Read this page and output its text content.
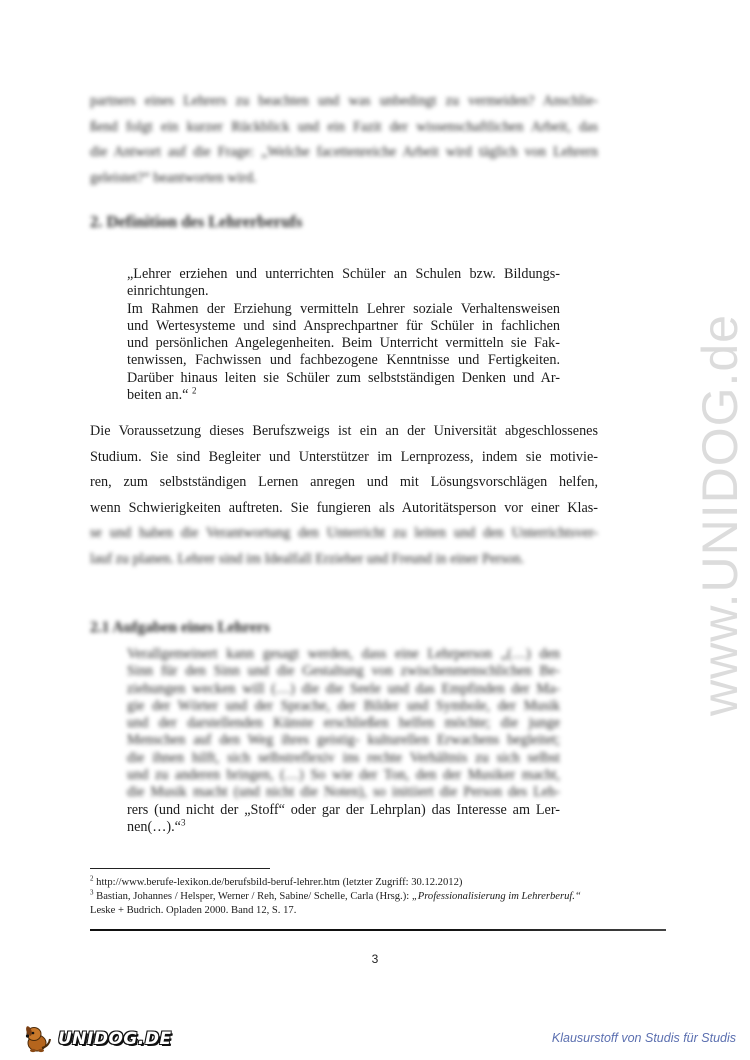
partners eines Lehrers zu beachten und was unbedingt zu vermeiden? Anschlie-
ßend folgt ein kurzer Rückblick und ein Fazit der wissenschaftlichen Arbeit, das
die Antwort auf die Frage: „Welche facettenreiche Arbeit wird täglich von Lehrern
geleistet?“ beantworten wird.
2. Definition des Lehrerberufs
„Lehrer erziehen und unterrichten Schüler an Schulen bzw. Bildungs-
einrichtungen.
Im Rahmen der Erziehung vermitteln Lehrer soziale Verhaltensweisen
und Wertesysteme und sind Ansprechpartner für Schüler in fachlichen
und persönlichen Angelegenheiten. Beim Unterricht vermitteln sie Fak-
tenwissen, Fachwissen und fachbezogene Kenntnisse und Fertigkeiten.
Darüber hinaus leiten sie Schüler zum selbstständigen Denken und Ar-
beiten an.“ $^2$
Die Voraussetzung dieses Berufszweigs ist ein an der Universität abgeschlossenes
Studium. Sie sind Begleiter und Unterstützer im Lernprozess, indem sie motivie-
ren, zum selbstständigen Lernen anregen und mit Lösungsvorschlägen helfen,
wenn Schwierigkeiten auftreten. Sie fungieren als Autoritätsperson vor einer Klas-
se und haben die Verantwortung den Unterricht zu leiten und den Unterrichtsver-
lauf zu planen. Lehrer sind im Idealfall Erzieher und Freund in einer Person.
2.1 Aufgaben eines Lehrers
Verallgemeinert kann gesagt werden, dass eine Lehrperson „(…) den
Sinn für den Sinn und die Gestaltung von zwischenmenschlichen Be-
ziehungen wecken will (…) die die Seele und das Empfinden der Ma-
gie der Wörter und der Sprache, der Bilder und Symbole, der Musik
und der darstellenden Künste erschließen helfen möchte; die junge
Menschen auf den Weg ihres geistig- kulturellen Erwachens begleitet;
die ihnen hilft, sich selbstreflexiv ins rechte Verhältnis zu sich selbst
und zu anderen bringen, (…) So wie der Ton, den der Musiker macht,
die Musik macht (und nicht die Noten), so initiiert die Person des Leh-
rers (und nicht der „Stoff“ oder gar der Lehrplan) das Interesse am Ler-
nen(…).“$^3$
$^2$ http://www.berufe-lexikon.de/berufsbild-beruf-lehrer.htm (letzter Zugriff: 30.12.2012)
$^3$ Bastian, Johannes / Helsper, Werner / Reh, Sabine/ Schelle, Carla (Hrsg.): „Professionalisierung im Lehrerberuf.“ Leske + Budrich. Opladen 2000. Band 12, S. 17.
3
www.UNIDOG.de
UNIDOG.DE	Klausurstoff von Studis für Studis
